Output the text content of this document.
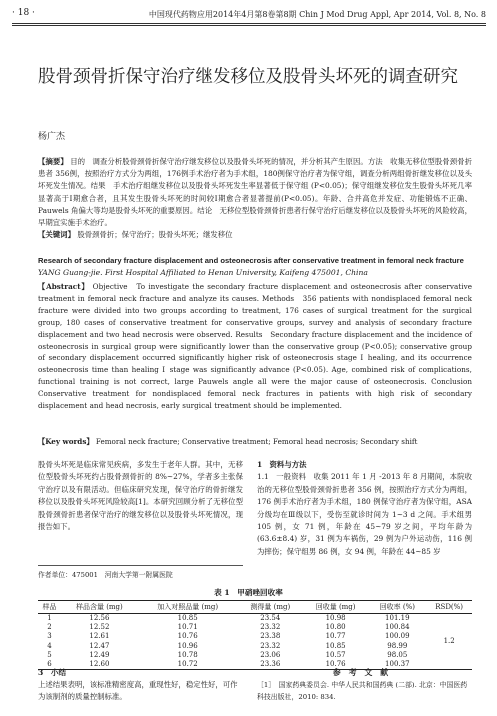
· 18 ·	中国现代药物应用2014年4月第8卷第8期 Chin J Mod Drug Appl, Apr 2014, Vol. 8, No. 8
股骨颈骨折保守治疗继发移位及股骨头坏死的调查研究
杨广杰
【摘要】 目的　调查分析股骨颈骨折保守治疗继发移位以及股骨头坏死的情况，并分析其产生原因。方法　收集无移位型股骨颈骨折患者 356例，按照治疗方式分为两组，176例手术治疗者为手术组，180例保守治疗者为保守组，调查分析两组骨折继发移位以及头坏死发生情况。结果　手术治疗组继发移位以及股骨头坏死发生率显著低于保守组 (P<0.05)；保守组继发移位发生股骨头坏死几率显著高于Ⅰ期愈合者，且其发生股骨头坏死的时间较Ⅰ期愈合者显著提前(P<0.05)。年龄、合并高危并发症、功能锻炼不正确、Pauwels 角偏大等均是股骨头坏死的重要原因。结论　无移位型股骨颈骨折患者行保守治疗后继发移位以及股骨头坏死的风险较高，早期宜实施手术治疗。
【关键词】 股骨颈骨折；保守治疗；股骨头坏死；继发移位
Research of secondary fracture displacement and osteonecrosis after conservative treatment in femoral neck fracture
YANG Guang-jie. First Hospital Affiliated to Henan University, Kaifeng 475001, China
【Abstract】 Objective　To investigate the secondary fracture displacement and osteonecrosis after conservative treatment in femoral neck fracture and analyze its causes. Methods　356 patients with nondisplaced femoral neck fracture were divided into two groups according to treatment, 176 cases of surgical treatment for the surgical group, 180 cases of conservative treatment for conservative groups, survey and analysis of secondary fracture displacement and two head necrosis were observed. Results　Secondary fracture displacement and the incidence of osteonecrosis in surgical group were significantly lower than the conservative group (P<0.05); conservative group of secondary displacement occurred significantly higher risk of osteonecrosis stage Ⅰ healing, and its occurrence osteonecrosis time than healing Ⅰ stage was significantly advance (P<0.05). Age, combined risk of complications, functional training is not correct, large Pauwels angle all were the major cause of osteonecrosis. Conclusion　Conservative treatment for nondisplaced femoral neck fractures in patients with high risk of secondary displacement and head necrosis, early surgical treatment should be implemented.
【Key words】 Femoral neck fracture; Conservative treatment; Femoral head necrosis; Secondary shift
股骨头坏死是临床常见疾病，多发生于老年人群。其中，无移位型股骨头坏死约占股骨颈骨折的 8%~27%，学者多主张保守治疗以及有限活动。但临床研究发现，保守治疗的骨折继发移位以及股骨头坏死风险较高[1]。本研究回顾分析了无移位型股骨颈骨折患者保守治疗的继发移位以及股骨头坏死情况，现报告如下。
作者单位：475001　河南大学第一附属医院
1　资料与方法
1.1　一般资料　收集 2011 年 1 月 -2013 年 8 月期间，本院收治的无移位型股骨颈骨折患者 356 例，按照治疗方式分为两组，176 例手术治疗者为手术组，180 例保守治疗者为保守组，ASA 分级均在Ⅲ级以下，受伤至就诊时间为 1~3 d 之间。手术组男 105 例，女 71 例，年龄在 45~79 岁之间，平均年龄为 (63.6±8.4) 岁，31 例为车祸伤，29 例为户外运动伤，116 例为摔伤；保守组男 86 例，女 94 例，年龄在 44~85 岁
表 1　甲硝唑回收率
样品	样品含量 (mg)	加入对照品量 (mg)	测得量 (mg)	回收量 (mg)	回收率 (%)	RSD(%)
1	12.56	10.85	23.54	10.98	101.19	1.2
2	12.52	10.71	23.32	10.80	100.84	
3	12.61	10.76	23.38	10.77	100.09	
4	12.47	10.96	23.32	10.85	98.99	
5	12.49	10.78	23.06	10.57	98.05	
6	12.60	10.72	23.36	10.76	100.37	
3　小结
上述结果表明，该标准精密度高，重现性好，稳定性好，可作为该制剂的质量控制标准。
参考文献
［1］　国家药典委员会. 中华人民共和国药典 (二部). 北京：中国医药科技出版社，2010: 834.
